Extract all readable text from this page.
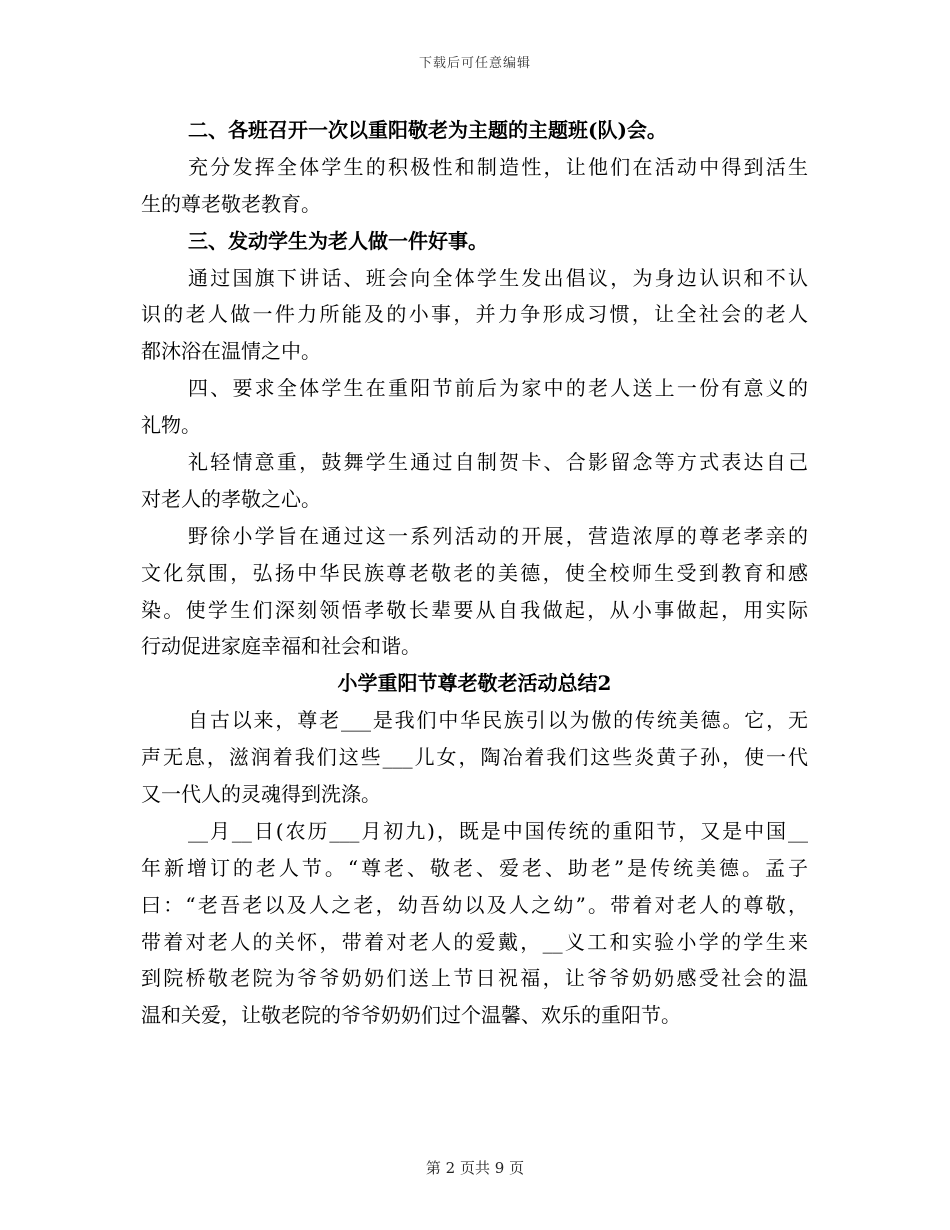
下载后可任意编辑
二、各班召开一次以重阳敬老为主题的主题班(队)会。
充分发挥全体学生的积极性和制造性，让他们在活动中得到活生
生的尊老敬老教育。
三、发动学生为老人做一件好事。
通过国旗下讲话、班会向全体学生发出倡议，为身边认识和不认
识的老人做一件力所能及的小事，并力争形成习惯，让全社会的老人
都沐浴在温情之中。
四、要求全体学生在重阳节前后为家中的老人送上一份有意义的
礼物。
礼轻情意重，鼓舞学生通过自制贺卡、合影留念等方式表达自己
对老人的孝敬之心。
野徐小学旨在通过这一系列活动的开展，营造浓厚的尊老孝亲的
文化氛围，弘扬中华民族尊老敬老的美德，使全校师生受到教育和感
染。使学生们深刻领悟孝敬长辈要从自我做起，从小事做起，用实际
行动促进家庭幸福和社会和谐。
小学重阳节尊老敬老活动总结2
自古以来，尊老___是我们中华民族引以为傲的传统美德。它，无
声无息，滋润着我们这些___儿女，陶冶着我们这些炎黄子孙，使一代
又一代人的灵魂得到洗涤。
__月__日(农历___月初九)，既是中国传统的重阳节，又是中国__
年新增订的老人节。“尊老、敬老、爱老、助老”是传统美德。孟子
曰：“老吾老以及人之老，幼吾幼以及人之幼”。带着对老人的尊敬，
带着对老人的关怀，带着对老人的爱戴，__义工和实验小学的学生来
到院桥敬老院为爷爷奶奶们送上节日祝福，让爷爷奶奶感受社会的温
温和关爱，让敬老院的爷爷奶奶们过个温馨、欢乐的重阳节。
第 2 页共 9 页
